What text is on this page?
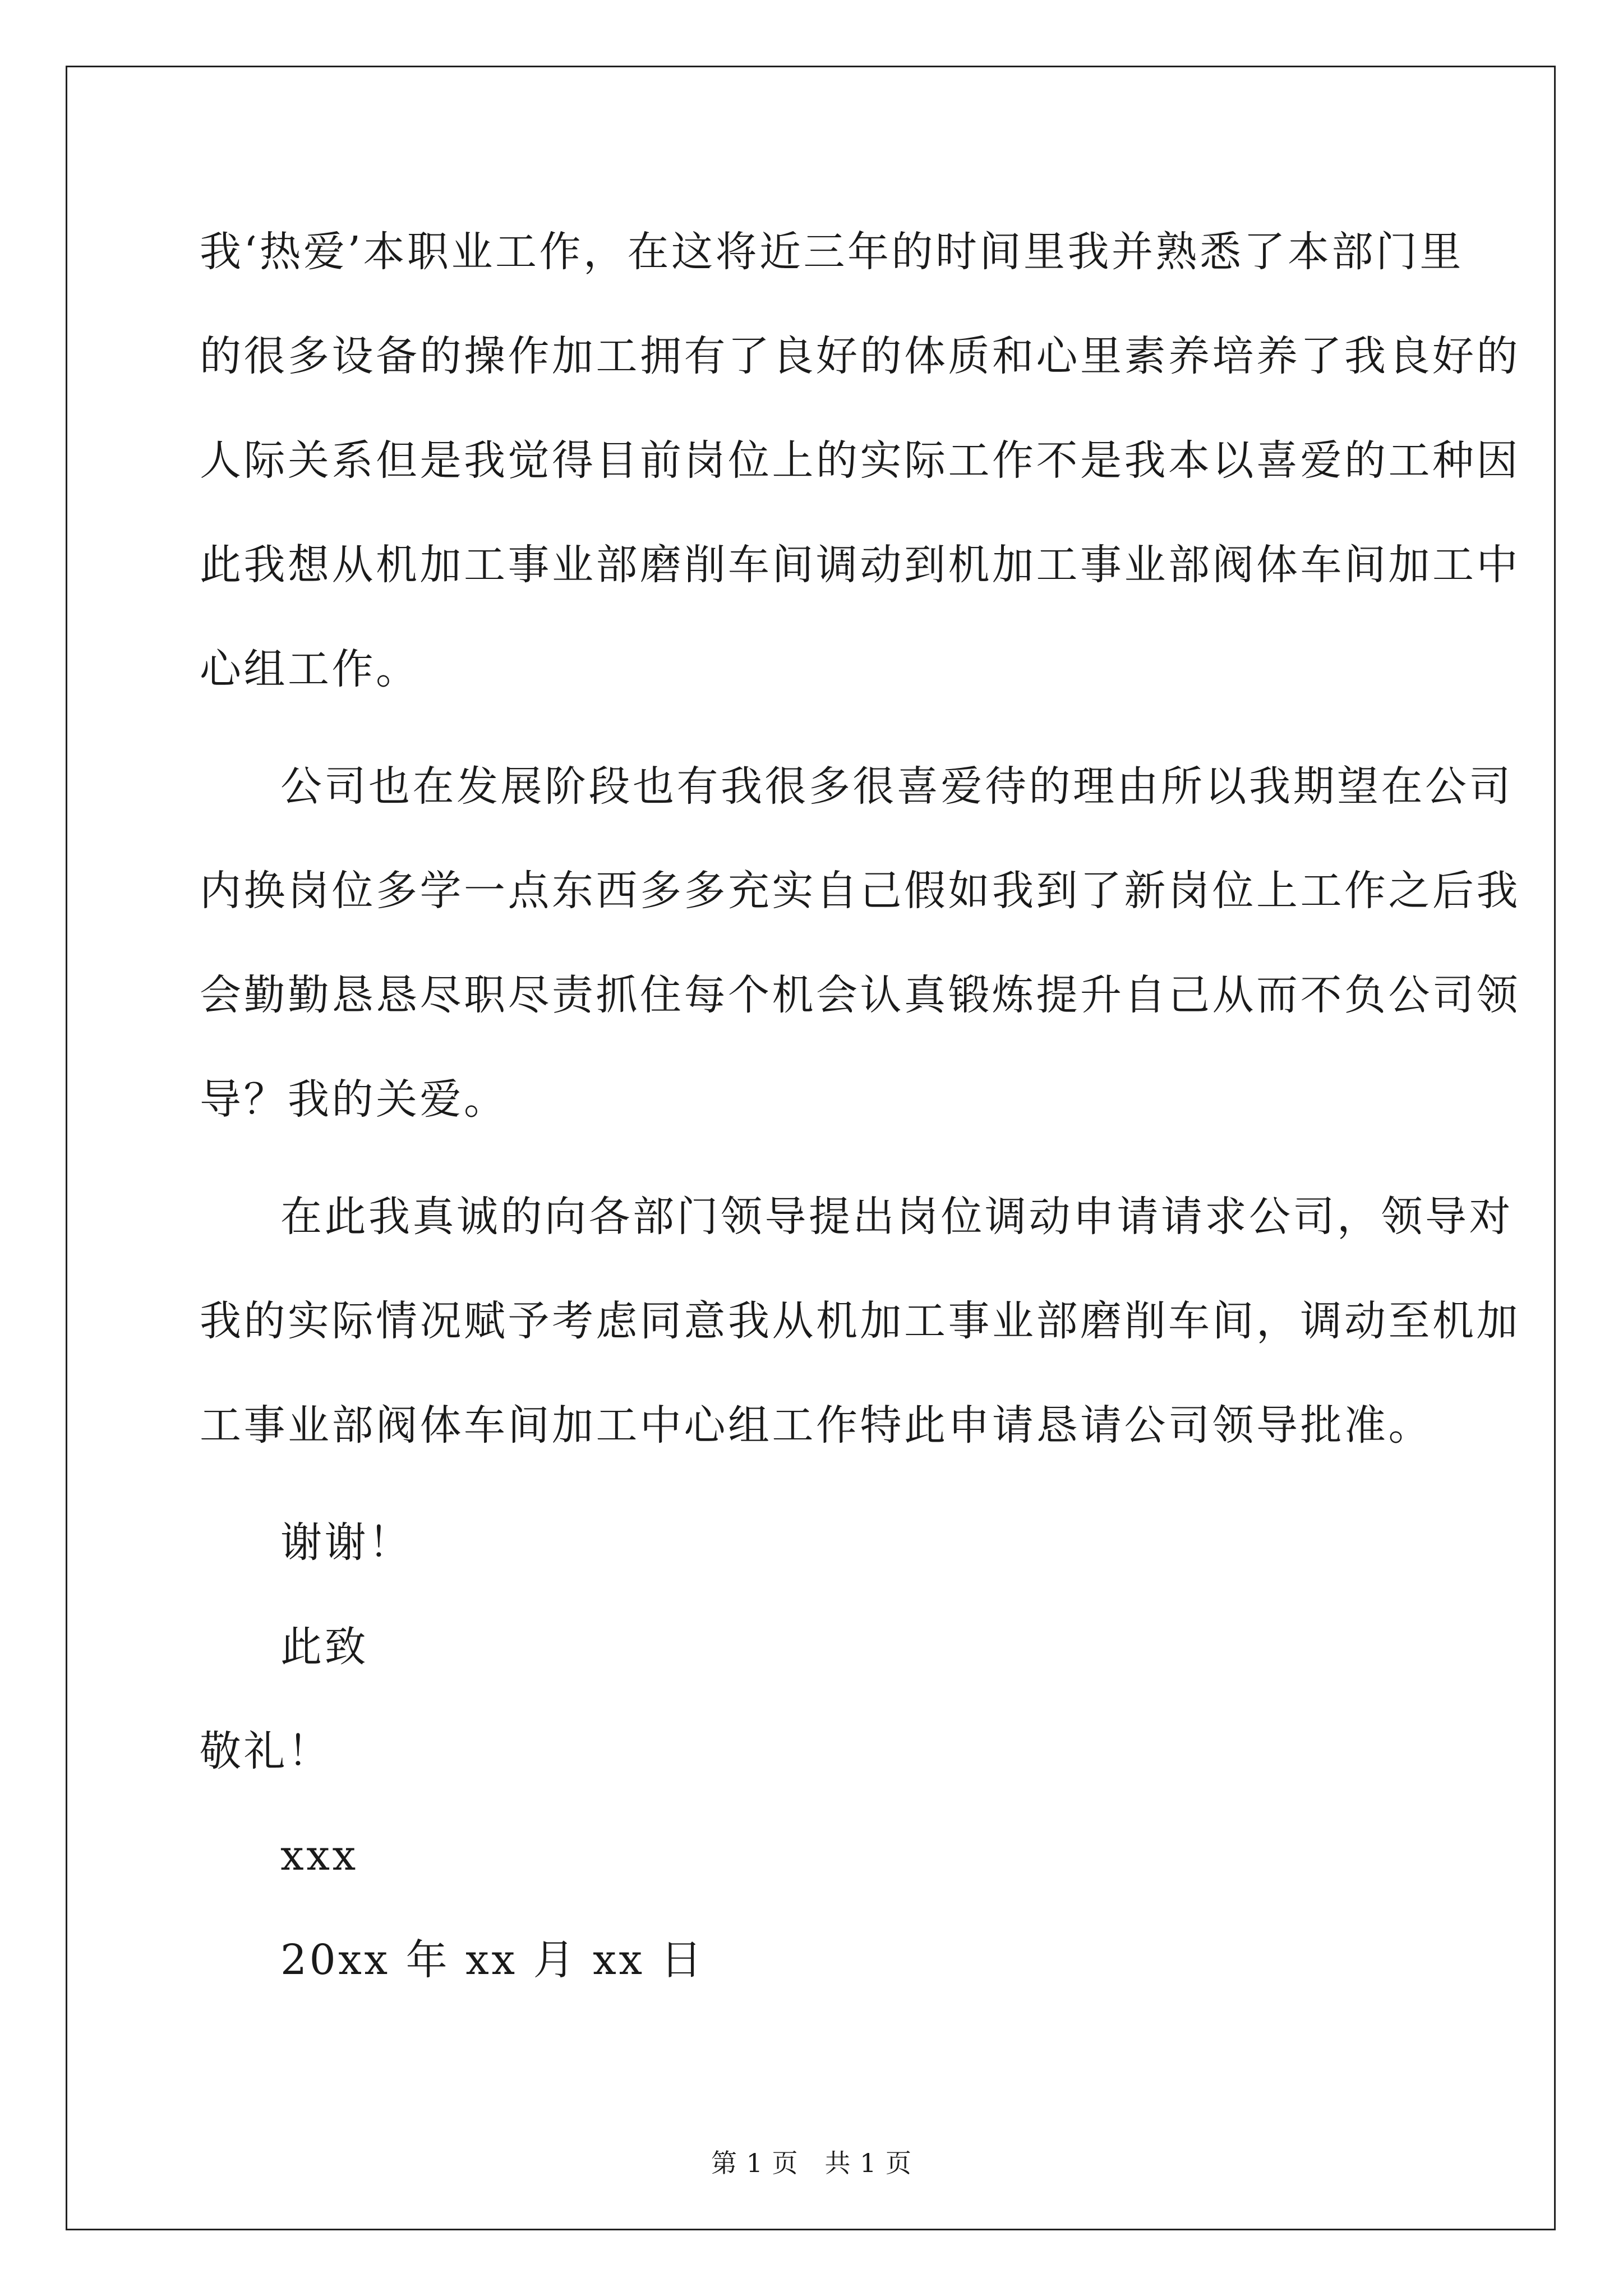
我‘热爱’本职业工作，在这将近三年的时间里我并熟悉了本部门里
的很多设备的操作加工拥有了良好的体质和心里素养培养了我良好的
人际关系但是我觉得目前岗位上的实际工作不是我本以喜爱的工种因
此我想从机加工事业部磨削车间调动到机加工事业部阀体车间加工中
心组工作。
公司也在发展阶段也有我很多很喜爱待的理由所以我期望在公司
内换岗位多学一点东西多多充实自己假如我到了新岗位上工作之后我
会勤勤恳恳尽职尽责抓住每个机会认真锻炼提升自己从而不负公司领
导？我的关爱。
在此我真诚的向各部门领导提出岗位调动申请请求公司，领导对
我的实际情况赋予考虑同意我从机加工事业部磨削车间，调动至机加
工事业部阀体车间加工中心组工作特此申请恳请公司领导批准。
谢谢！
此致
敬礼！
xxx
20xx 年 xx 月 xx 日
第 1 页　共 1 页
